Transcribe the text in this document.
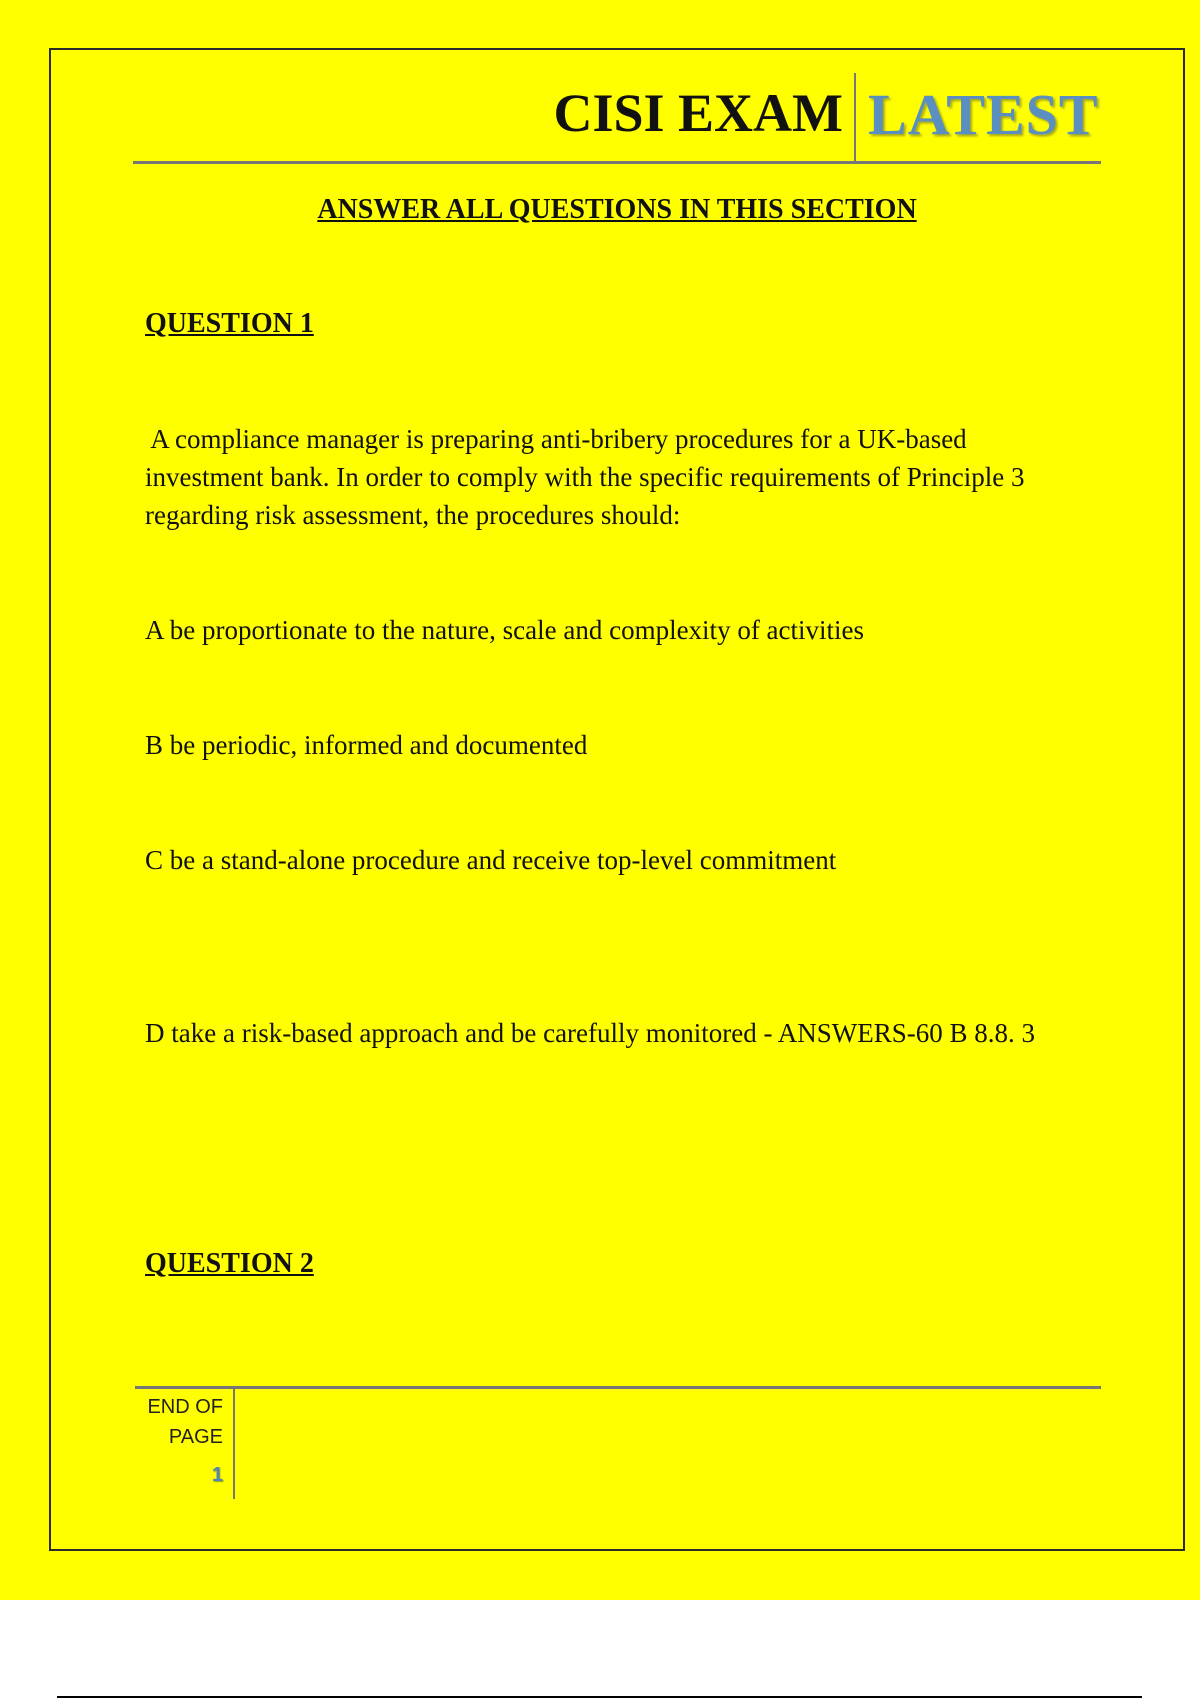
CISI EXAM LATEST
ANSWER ALL QUESTIONS IN THIS SECTION
QUESTION 1
A compliance manager is preparing anti-bribery procedures for a UK-based
investment bank. In order to comply with the specific requirements of Principle 3
regarding risk assessment, the procedures should:
A be proportionate to the nature, scale and complexity of activities
B be periodic, informed and documented
C be a stand-alone procedure and receive top-level commitment
D take a risk-based approach and be carefully monitored - ANSWERS-60 B 8.8. 3
QUESTION 2
END OF
PAGE
1
